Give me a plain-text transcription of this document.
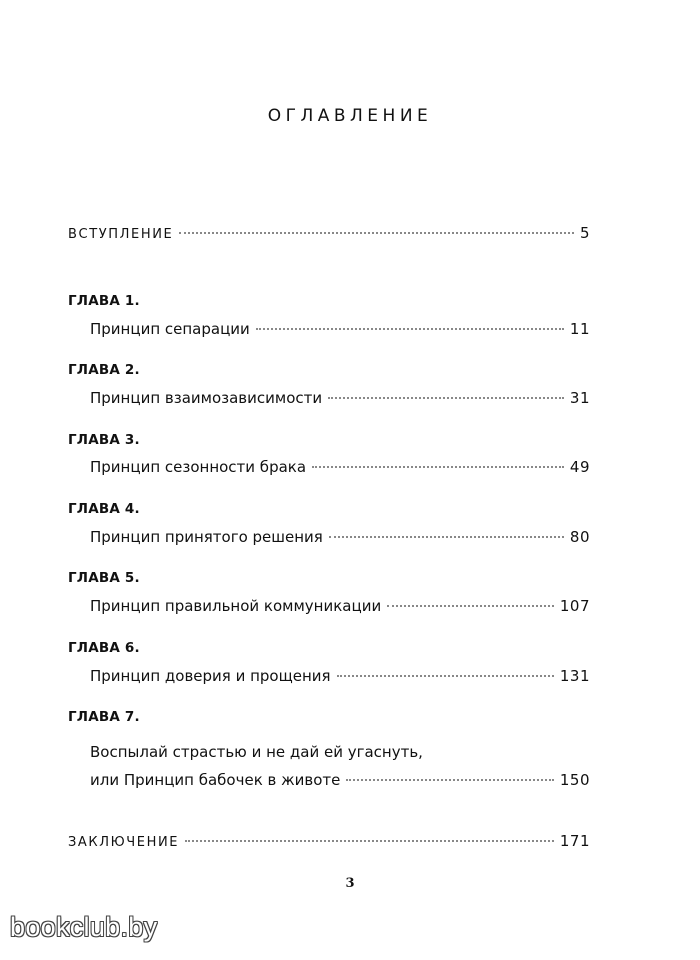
ОГЛАВЛЕНИЕ
ВСТУПЛЕНИЕ	5
ГЛАВА 1.
Принцип сепарации	11
ГЛАВА 2.
Принцип взаимозависимости	31
ГЛАВА 3.
Принцип сезонности брака	49
ГЛАВА 4.
Принцип принятого решения	80
ГЛАВА 5.
Принцип правильной коммуникации	107
ГЛАВА 6.
Принцип доверия и прощения	131
ГЛАВА 7.
Воспылай страстью и не дай ей угаснуть,
или Принцип бабочек в животе	150
ЗАКЛЮЧЕНИЕ	171
3
bookclub.by
